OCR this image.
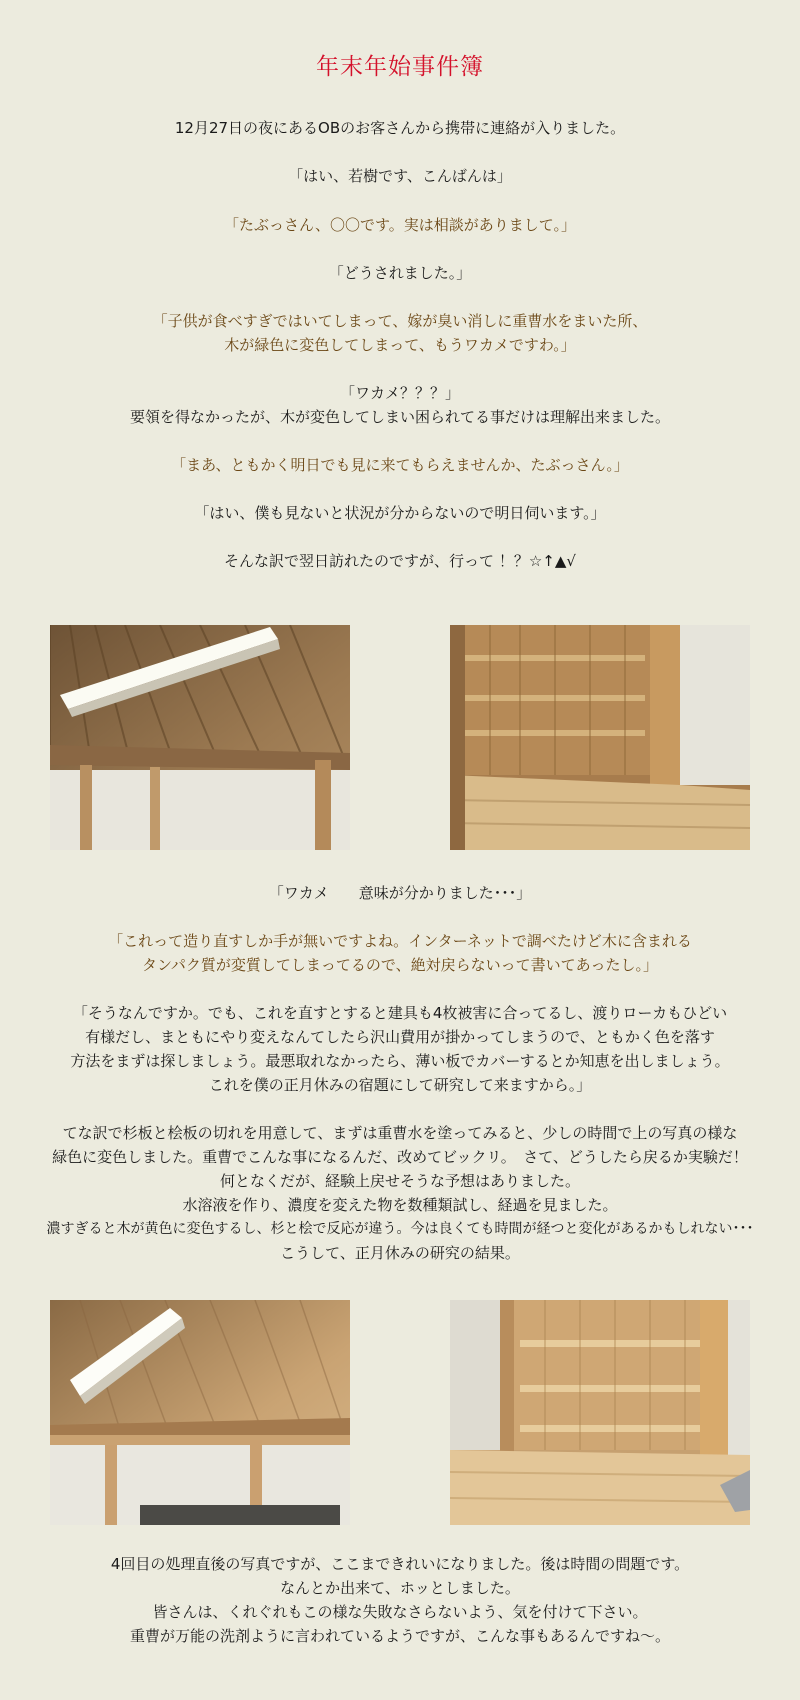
年末年始事件簿
12月27日の夜にあるOBのお客さんから携帯に連絡が入りました。
「はい、若樹です、こんばんは」
「たぶっさん、〇〇です。実は相談がありまして。」
「どうされました。」
「子供が食べすぎではいてしまって、嫁が臭い消しに重曹水をまいた所、
木が緑色に変色してしまって、もうワカメですわ。」
「ワカメ？？？」
要領を得なかったが、木が変色してしまい困られてる事だけは理解出来ました。
「まあ、ともかく明日でも見に来てもらえませんか、たぶっさん。」
「はい、僕も見ないと状況が分からないので明日伺います。」
そんな訳で翌日訪れたのですが、行って ！？☆↑▲√
「ワカメ　　意味が分かりました･･･」
「これって造り直すしか手が無いですよね。インターネットで調べたけど木に含まれる
タンパク質が変質してしまってるので、絶対戻らないって書いてあったし。」
「そうなんですか。でも、これを直すとすると建具も4枚被害に合ってるし、渡りローカもひどい
有様だし、まともにやり変えなんてしたら沢山費用が掛かってしまうので、ともかく色を落す
方法をまずは探しましょう。最悪取れなかったら、薄い板でカバーするとか知恵を出しましょう。
これを僕の正月休みの宿題にして研究して来ますから。」
てな訳で杉板と桧板の切れを用意して、まずは重曹水を塗ってみると、少しの時間で上の写真の様な
緑色に変色しました。重曹でこんな事になるんだ、改めてビックリ。　さて、どうしたら戻るか実験だ！
何となくだが、経験上戻せそうな予想はありました。
水溶液を作り、濃度を変えた物を数種類試し、経過を見ました。
濃すぎると木が黄色に変色するし、杉と桧で反応が違う。今は良くても時間が経つと変化があるかもしれない･･･
こうして、正月休みの研究の結果。
4回目の処理直後の写真ですが、ここまできれいになりました。後は時間の問題です。
なんとか出来て、ホッとしました。
皆さんは、くれぐれもこの様な失敗なさらないよう、気を付けて下さい。
重曹が万能の洗剤ように言われているようですが、こんな事もあるんですね～。
